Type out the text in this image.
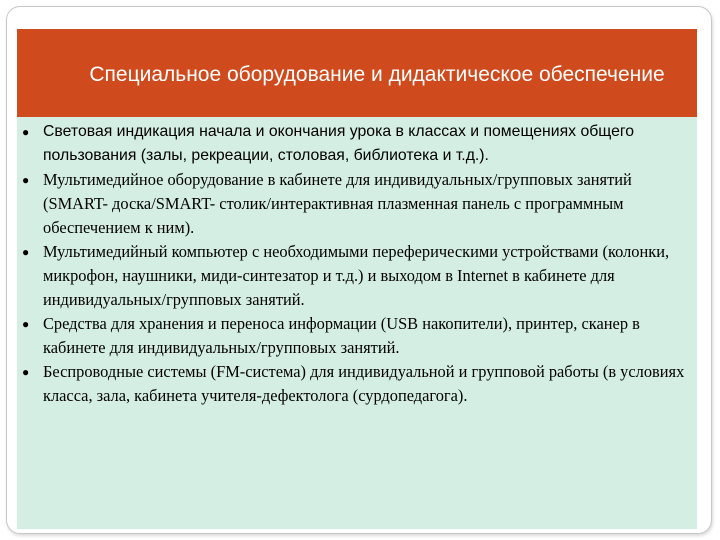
Специальное оборудование и дидактическое обеспечение
● Световая индикация начала и окончания урока в классах и помещениях общего пользования (залы, рекреации, столовая, библиотека и т.д.).
● Мультимедийное оборудование в кабинете для индивидуальных/групповых занятий (SMART- доска/SMART- столик/интерактивная плазменная панель с программным обеспечением к ним).
● Мультимедийный компьютер с необходимыми переферическими устройствами (колонки, микрофон, наушники, миди-синтезатор и т.д.) и выходом в Internet в кабинете для индивидуальных/групповых занятий.
● Средства для хранения и переноса информации (USB накопители), принтер, сканер в кабинете для индивидуальных/групповых занятий.
● Беспроводные системы (FM-система) для индивидуальной и групповой работы (в условиях класса, зала, кабинета учителя-дефектолога (сурдопедагога).
